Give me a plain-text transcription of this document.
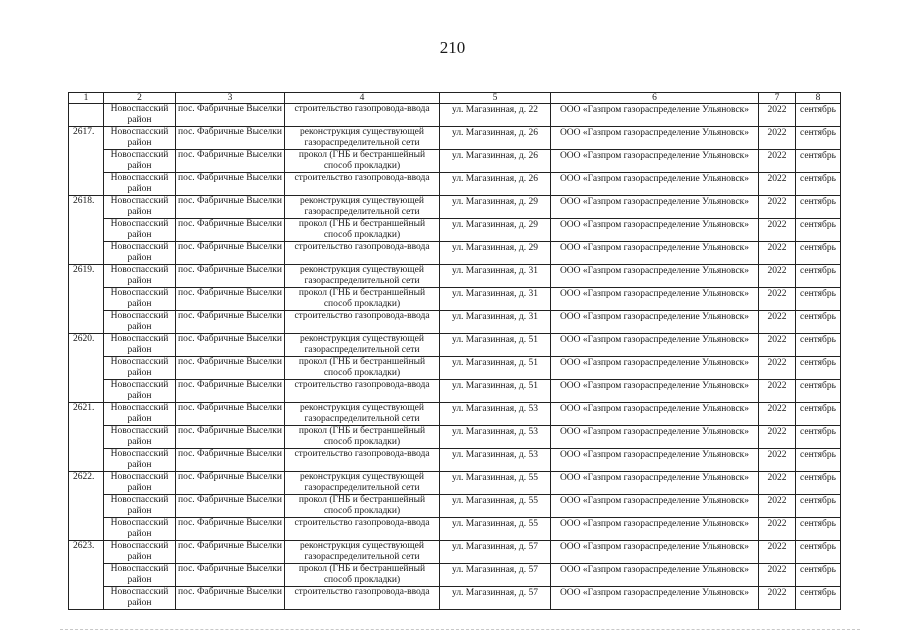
210
1	2	3	4	5	6	7	8
	Новоспасский район	пос. Фабричные Выселки	строительство газопровода-ввода	ул. Магазинная, д. 22	ООО «Газпром газораспределение Ульяновск»	2022	сентябрь
2617.	Новоспасский район	пос. Фабричные Выселки	реконструкция существующей газораспределительной сети	ул. Магазинная, д. 26	ООО «Газпром газораспределение Ульяновск»	2022	сентябрь
	Новоспасский район	пос. Фабричные Выселки	прокол (ГНБ и бестраншейный способ прокладки)	ул. Магазинная, д. 26	ООО «Газпром газораспределение Ульяновск»	2022	сентябрь
	Новоспасский район	пос. Фабричные Выселки	строительство газопровода-ввода	ул. Магазинная, д. 26	ООО «Газпром газораспределение Ульяновск»	2022	сентябрь
2618.	Новоспасский район	пос. Фабричные Выселки	реконструкция существующей газораспределительной сети	ул. Магазинная, д. 29	ООО «Газпром газораспределение Ульяновск»	2022	сентябрь
	Новоспасский район	пос. Фабричные Выселки	прокол (ГНБ и бестраншейный способ прокладки)	ул. Магазинная, д. 29	ООО «Газпром газораспределение Ульяновск»	2022	сентябрь
	Новоспасский район	пос. Фабричные Выселки	строительство газопровода-ввода	ул. Магазинная, д. 29	ООО «Газпром газораспределение Ульяновск»	2022	сентябрь
2619.	Новоспасский район	пос. Фабричные Выселки	реконструкция существующей газораспределительной сети	ул. Магазинная, д. 31	ООО «Газпром газораспределение Ульяновск»	2022	сентябрь
	Новоспасский район	пос. Фабричные Выселки	прокол (ГНБ и бестраншейный способ прокладки)	ул. Магазинная, д. 31	ООО «Газпром газораспределение Ульяновск»	2022	сентябрь
	Новоспасский район	пос. Фабричные Выселки	строительство газопровода-ввода	ул. Магазинная, д. 31	ООО «Газпром газораспределение Ульяновск»	2022	сентябрь
2620.	Новоспасский район	пос. Фабричные Выселки	реконструкция существующей газораспределительной сети	ул. Магазинная, д. 51	ООО «Газпром газораспределение Ульяновск»	2022	сентябрь
	Новоспасский район	пос. Фабричные Выселки	прокол (ГНБ и бестраншейный способ прокладки)	ул. Магазинная, д. 51	ООО «Газпром газораспределение Ульяновск»	2022	сентябрь
	Новоспасский район	пос. Фабричные Выселки	строительство газопровода-ввода	ул. Магазинная, д. 51	ООО «Газпром газораспределение Ульяновск»	2022	сентябрь
2621.	Новоспасский район	пос. Фабричные Выселки	реконструкция существующей газораспределительной сети	ул. Магазинная, д. 53	ООО «Газпром газораспределение Ульяновск»	2022	сентябрь
	Новоспасский район	пос. Фабричные Выселки	прокол (ГНБ и бестраншейный способ прокладки)	ул. Магазинная, д. 53	ООО «Газпром газораспределение Ульяновск»	2022	сентябрь
	Новоспасский район	пос. Фабричные Выселки	строительство газопровода-ввода	ул. Магазинная, д. 53	ООО «Газпром газораспределение Ульяновск»	2022	сентябрь
2622.	Новоспасский район	пос. Фабричные Выселки	реконструкция существующей газораспределительной сети	ул. Магазинная, д. 55	ООО «Газпром газораспределение Ульяновск»	2022	сентябрь
	Новоспасский район	пос. Фабричные Выселки	прокол (ГНБ и бестраншейный способ прокладки)	ул. Магазинная, д. 55	ООО «Газпром газораспределение Ульяновск»	2022	сентябрь
	Новоспасский район	пос. Фабричные Выселки	строительство газопровода-ввода	ул. Магазинная, д. 55	ООО «Газпром газораспределение Ульяновск»	2022	сентябрь
2623.	Новоспасский район	пос. Фабричные Выселки	реконструкция существующей газораспределительной сети	ул. Магазинная, д. 57	ООО «Газпром газораспределение Ульяновск»	2022	сентябрь
	Новоспасский район	пос. Фабричные Выселки	прокол (ГНБ и бестраншейный способ прокладки)	ул. Магазинная, д. 57	ООО «Газпром газораспределение Ульяновск»	2022	сентябрь
	Новоспасский район	пос. Фабричные Выселки	строительство газопровода-ввода	ул. Магазинная, д. 57	ООО «Газпром газораспределение Ульяновск»	2022	сентябрь
